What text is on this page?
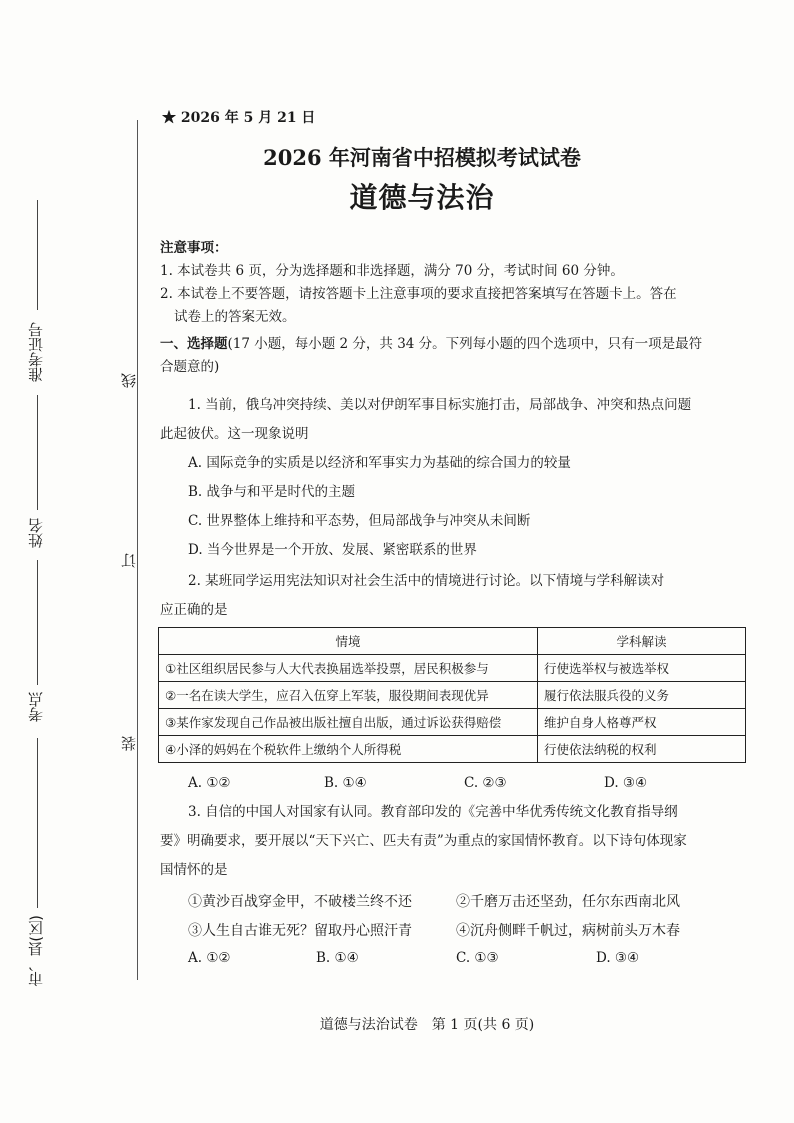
准考证号
姓名
考点
市、县(区)
线
订
装
★ 2026 年 5 月 21 日
2026 年河南省中招模拟考试试卷
道德与法治
注意事项：
1. 本试卷共 6 页，分为选择题和非选择题，满分 70 分，考试时间 60 分钟。
2. 本试卷上不要答题，请按答题卡上注意事项的要求直接把答案填写在答题卡上。答在
试卷上的答案无效。
一、选择题(17 小题，每小题 2 分，共 34 分。下列每小题的四个选项中，只有一项是最符
合题意的)
1. 当前，俄乌冲突持续、美以对伊朗军事目标实施打击，局部战争、冲突和热点问题
此起彼伏。这一现象说明
A. 国际竞争的实质是以经济和军事实力为基础的综合国力的较量
B. 战争与和平是时代的主题
C. 世界整体上维持和平态势，但局部战争与冲突从未间断
D. 当今世界是一个开放、发展、紧密联系的世界
2. 某班同学运用宪法知识对社会生活中的情境进行讨论。以下情境与学科解读对
应正确的是
情境	学科解读
①社区组织居民参与人大代表换届选举投票，居民积极参与	行使选举权与被选举权
②一名在读大学生，应召入伍穿上军装，服役期间表现优异	履行依法服兵役的义务
③某作家发现自己作品被出版社擅自出版，通过诉讼获得赔偿	维护自身人格尊严权
④小泽的妈妈在个税软件上缴纳个人所得税	行使依法纳税的权利
A. ①②	B. ①④	C. ②③	D. ③④
3. 自信的中国人对国家有认同。教育部印发的《完善中华优秀传统文化教育指导纲
要》明确要求，要开展以“天下兴亡、匹夫有责”为重点的家国情怀教育。以下诗句体现家
国情怀的是
①黄沙百战穿金甲，不破楼兰终不还	②千磨万击还坚劲，任尔东西南北风
③人生自古谁无死？留取丹心照汗青	④沉舟侧畔千帆过，病树前头万木春
A. ①②	B. ①④	C. ①③	D. ③④
道德与法治试卷　第 1 页(共 6 页)
